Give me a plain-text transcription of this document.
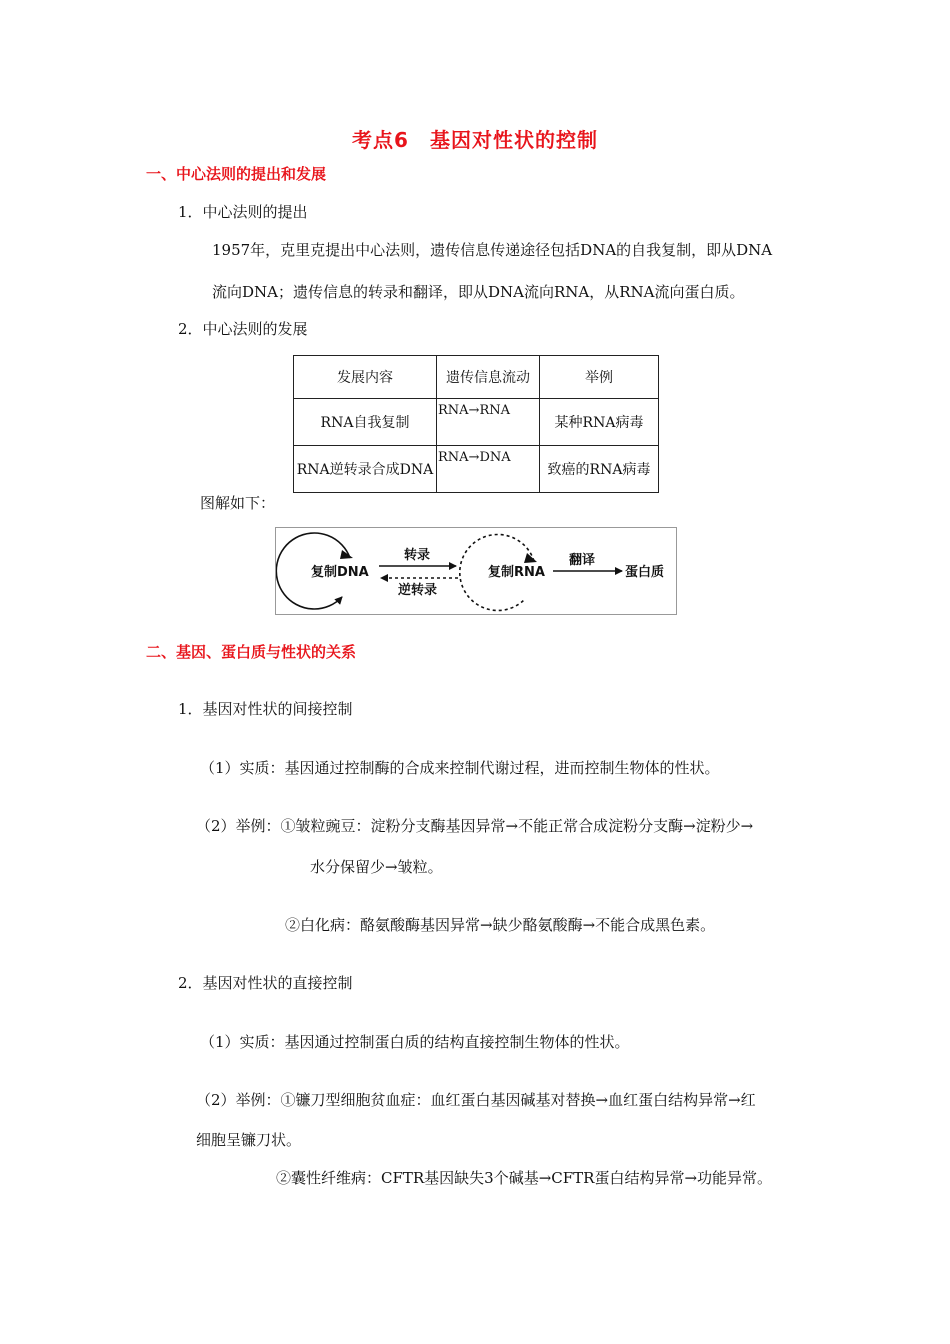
考点6　基因对性状的控制
一、中心法则的提出和发展
1．中心法则的提出
1957年，克里克提出中心法则，遗传信息传递途径包括DNA的自我复制，即从DNA
流向DNA；遗传信息的转录和翻译，即从DNA流向RNA，从RNA流向蛋白质。
2．中心法则的发展
发展内容	遗传信息流动	举例
RNA自我复制	RNA→RNA	某种RNA病毒
RNA逆转录合成DNA	RNA→DNA	致癌的RNA病毒
图解如下：
复制DNA
转录
逆转录
复制RNA
翻译
蛋白质
二、基因、蛋白质与性状的关系
1．基因对性状的间接控制
（1）实质：基因通过控制酶的合成来控制代谢过程，进而控制生物体的性状。
（2）举例：①皱粒豌豆：淀粉分支酶基因异常→不能正常合成淀粉分支酶→淀粉少→
水分保留少→皱粒。
②白化病：酪氨酸酶基因异常→缺少酪氨酸酶→不能合成黑色素。
2．基因对性状的直接控制
（1）实质：基因通过控制蛋白质的结构直接控制生物体的性状。
（2）举例：①镰刀型细胞贫血症：血红蛋白基因碱基对替换→血红蛋白结构异常→红
细胞呈镰刀状。
②囊性纤维病：CFTR基因缺失3个碱基→CFTR蛋白结构异常→功能异常。
